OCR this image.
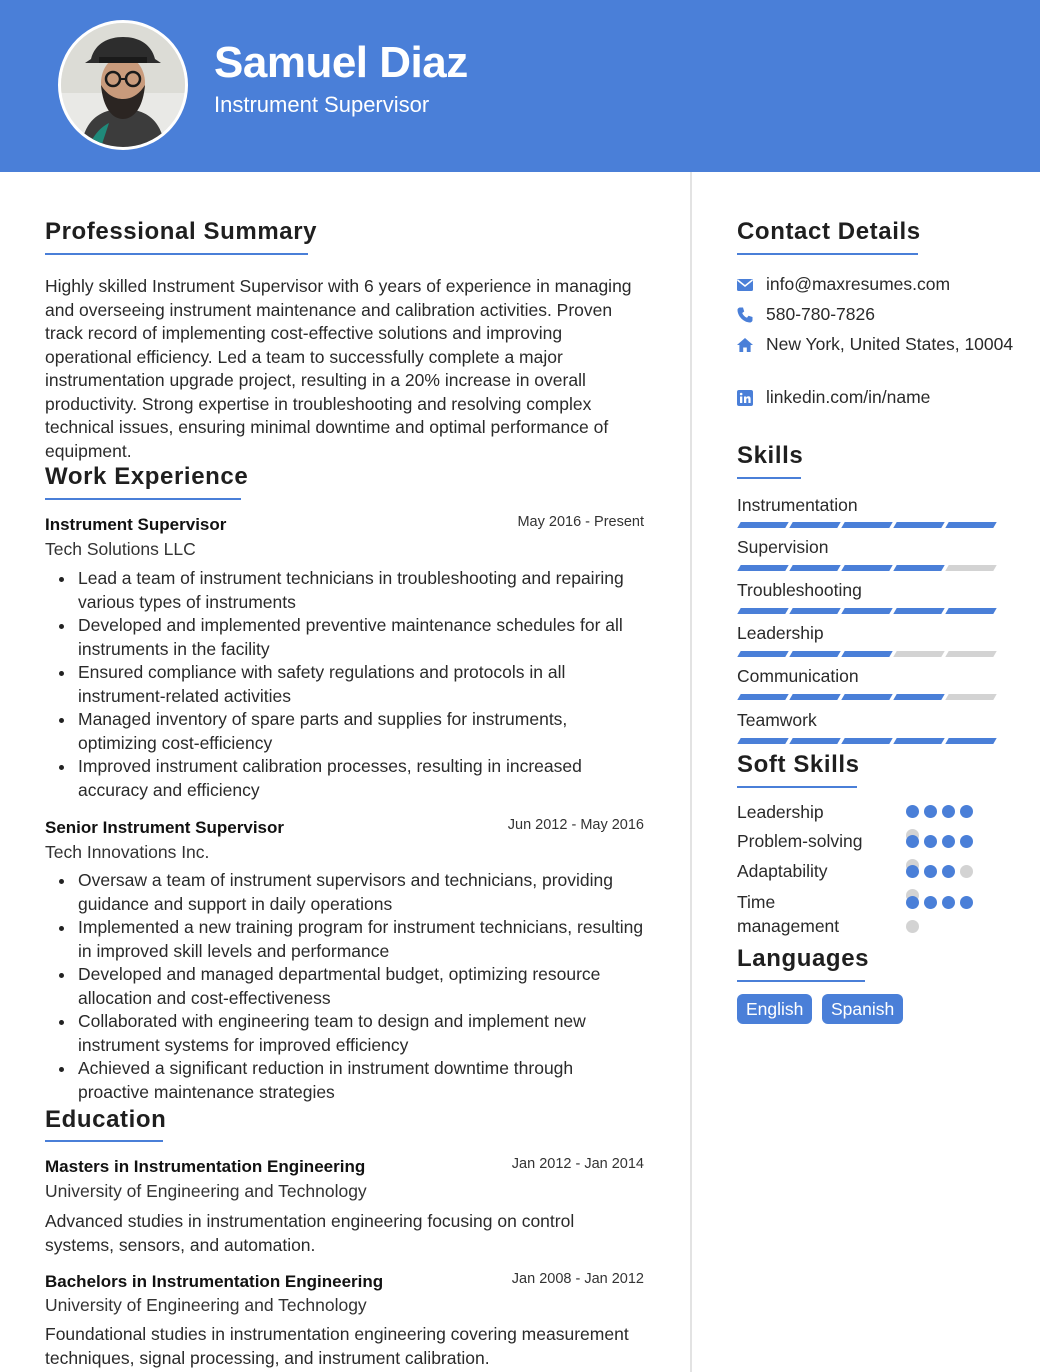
Samuel Diaz
Instrument Supervisor
Professional Summary
Highly skilled Instrument Supervisor with 6 years of experience in managing and overseeing instrument maintenance and calibration activities. Proven track record of implementing cost-effective solutions and improving operational efficiency. Led a team to successfully complete a major instrumentation upgrade project, resulting in a 20% increase in overall productivity. Strong expertise in troubleshooting and resolving complex technical issues, ensuring minimal downtime and optimal performance of equipment.
Work Experience
Instrument Supervisor	May 2016 - Present
Tech Solutions LLC
Lead a team of instrument technicians in troubleshooting and repairing various types of instruments
Developed and implemented preventive maintenance schedules for all instruments in the facility
Ensured compliance with safety regulations and protocols in all instrument-related activities
Managed inventory of spare parts and supplies for instruments, optimizing cost-efficiency
Improved instrument calibration processes, resulting in increased accuracy and efficiency
Senior Instrument Supervisor	Jun 2012 - May 2016
Tech Innovations Inc.
Oversaw a team of instrument supervisors and technicians, providing guidance and support in daily operations
Implemented a new training program for instrument technicians, resulting in improved skill levels and performance
Developed and managed departmental budget, optimizing resource allocation and cost-effectiveness
Collaborated with engineering team to design and implement new instrument systems for improved efficiency
Achieved a significant reduction in instrument downtime through proactive maintenance strategies
Education
Masters in Instrumentation Engineering	Jan 2012 - Jan 2014
University of Engineering and Technology
Advanced studies in instrumentation engineering focusing on control systems, sensors, and automation.
Bachelors in Instrumentation Engineering	Jan 2008 - Jan 2012
University of Engineering and Technology
Foundational studies in instrumentation engineering covering measurement techniques, signal processing, and instrument calibration.
Contact Details
info@maxresumes.com
580-780-7826
New York, United States, 10004
linkedin.com/in/name
Skills
Instrumentation
Supervision
Troubleshooting
Leadership
Communication
Teamwork
Soft Skills
Leadership
Problem-solving
Adaptability
Time management
Languages
English	Spanish
